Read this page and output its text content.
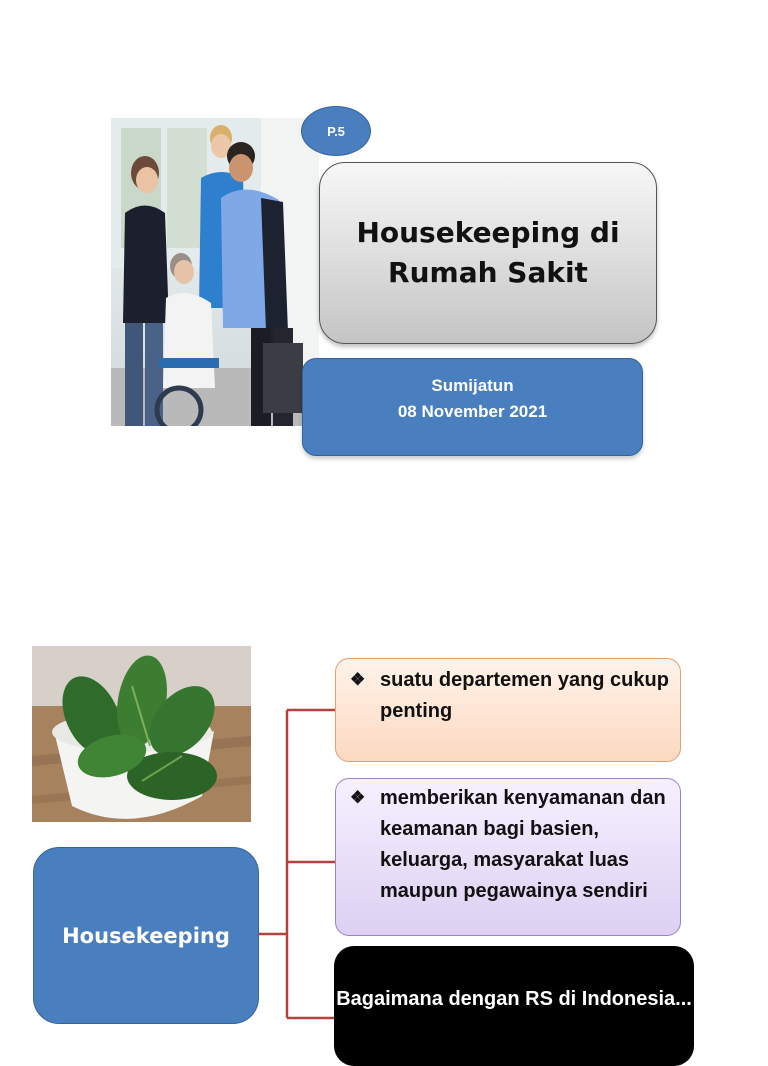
P.5
Housekeeping di
Rumah Sakit
Sumijatun
08 November 2021
Housekeeping
❖ suatu departemen yang cukup penting
❖ memberikan kenyamanan dan keamanan bagi basien, keluarga, masyarakat luas maupun pegawainya sendiri
Bagaimana dengan RS di Indonesia...
